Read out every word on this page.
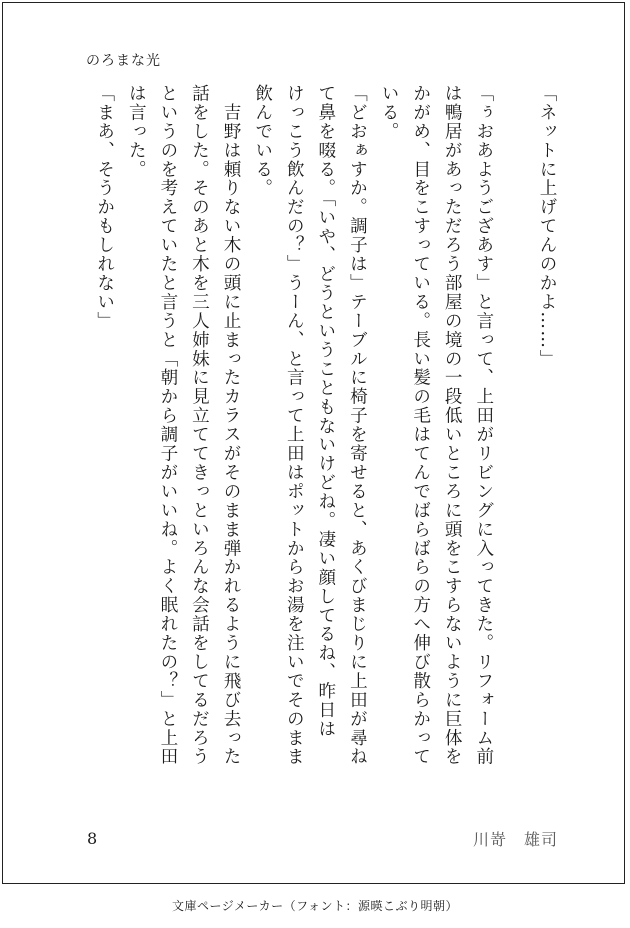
のろまな光
「ネットに上げてんのかよ……」

「ぅおあようござあす」と言って、上田がリビングに入ってきた。リフォーム前
は鴨居があっただろう部屋の境の一段低いところに頭をこすらないように巨体を
かがめ、目をこすっている。長い髪の毛はてんでばらばらの方へ伸び散らかって
いる。
「どおぁすか。調子は」テーブルに椅子を寄せると、あくびまじりに上田が尋ね
て鼻を啜る。「いや、どうということもないけどね。凄い顔してるね、昨日は
けっこう飲んだの？」うーん、と言って上田はポットからお湯を注いでそのまま
飲んでいる。
　吉野は頼りない木の頭に止まったカラスがそのまま弾かれるように飛び去った
話をした。そのあと木を三人姉妹に見立ててきっといろんな会話をしてるだろう
というのを考えていたと言うと「朝から調子がいいね。よく眠れたの？」と上田
は言った。
「まあ、そうかもしれない」
8	川嵜　雄司
文庫ページメーカー（フォント：源暎こぶり明朝）
